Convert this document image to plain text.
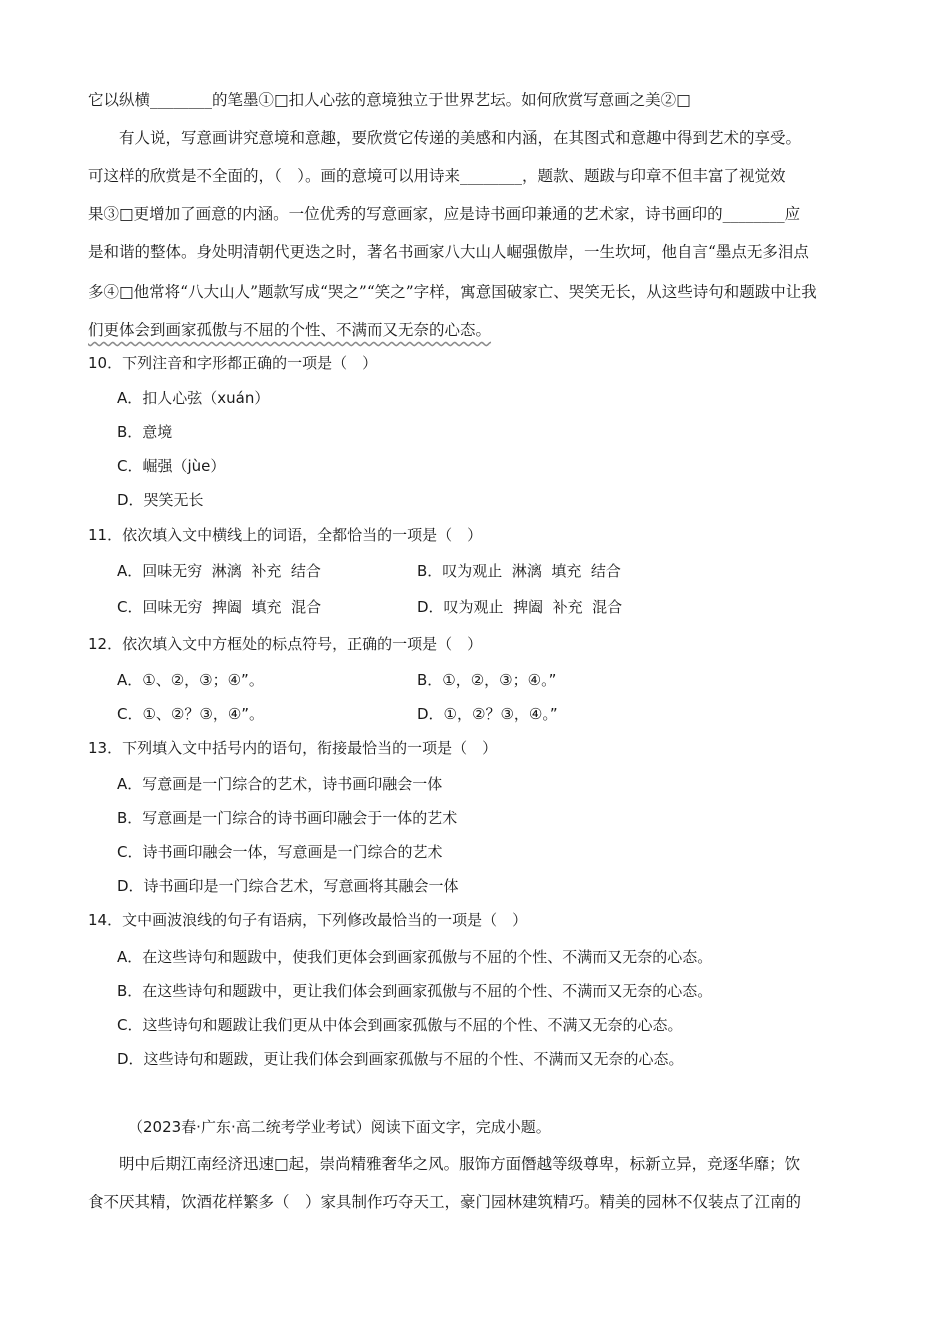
它以纵横________的笔墨①□扣人心弦的意境独立于世界艺坛。如何欣赏写意画之美②□
　　有人说，写意画讲究意境和意趣，要欣赏它传递的美感和内涵，在其图式和意趣中得到艺术的享受。
可这样的欣赏是不全面的，（　）。画的意境可以用诗来________，题款、题跋与印章不但丰富了视觉效
果③□更增加了画意的内涵。一位优秀的写意画家，应是诗书画印兼通的艺术家，诗书画印的________应
是和谐的整体。身处明清朝代更迭之时，著名书画家八大山人崛强傲岸，一生坎坷，他自言“墨点无多泪点
多④□他常将“八大山人”题款写成“哭之”“笑之”字样，寓意国破家亡、哭笑无长，从这些诗句和题跋中让我
们更体会到画家孤傲与不屈的个性、不满而又无奈的心态。
10．下列注音和字形都正确的一项是（　）
A．扣人心弦（xuán）
B．意境
C．崛强（jùe）
D．哭笑无长
11．依次填入文中横线上的词语，全都恰当的一项是（　）
A．回味无穷  淋漓  补充  结合	B．叹为观止  淋漓  填充  结合
C．回味无穷  捭阖  填充  混合	D．叹为观止  捭阖  补充  混合
12．依次填入文中方框处的标点符号，正确的一项是（　）
A．①、②，③；④”。	B．①，②，③；④。”
C．①、②？③，④”。	D．①，②？③，④。”
13．下列填入文中括号内的语句，衔接最恰当的一项是（　）
A．写意画是一门综合的艺术，诗书画印融会一体
B．写意画是一门综合的诗书画印融会于一体的艺术
C．诗书画印融会一体，写意画是一门综合的艺术
D．诗书画印是一门综合艺术，写意画将其融会一体
14．文中画波浪线的句子有语病，下列修改最恰当的一项是（　）
A．在这些诗句和题跋中，使我们更体会到画家孤傲与不屈的个性、不满而又无奈的心态。
B．在这些诗句和题跋中，更让我们体会到画家孤傲与不屈的个性、不满而又无奈的心态。
C．这些诗句和题跋让我们更从中体会到画家孤傲与不屈的个性、不满又无奈的心态。
D．这些诗句和题跋，更让我们体会到画家孤傲与不屈的个性、不满而又无奈的心态。
（2023春·广东·高二统考学业考试）阅读下面文字，完成小题。
　　明中后期江南经济迅速□起，崇尚精雅奢华之风。服饰方面僭越等级尊卑，标新立异，竞逐华靡；饮
食不厌其精，饮酒花样繁多（　）家具制作巧夺天工，豪门园林建筑精巧。精美的园林不仅装点了江南的
